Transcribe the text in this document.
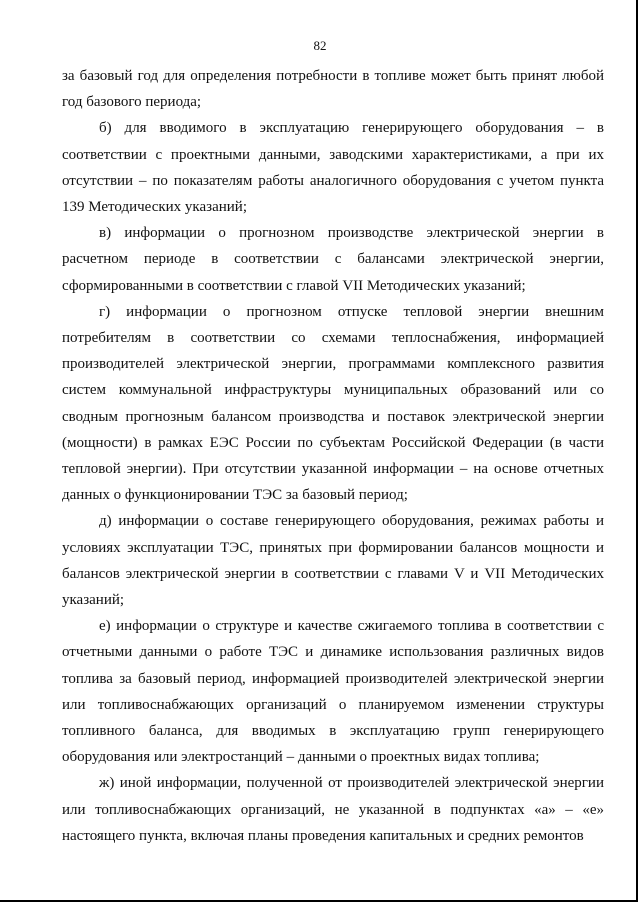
82

за базовый год для определения потребности в топливе может быть принят любой год базового периода;

б) для вводимого в эксплуатацию генерирующего оборудования – в соответствии с проектными данными, заводскими характеристиками, а при их отсутствии – по показателям работы аналогичного оборудования с учетом пункта 139 Методических указаний;

в) информации о прогнозном производстве электрической энергии в расчетном периоде в соответствии с балансами электрической энергии, сформированными в соответствии с главой VII Методических указаний;

г) информации о прогнозном отпуске тепловой энергии внешним потребителям в соответствии со схемами теплоснабжения, информацией производителей электрической энергии, программами комплексного развития систем коммунальной инфраструктуры муниципальных образований или со сводным прогнозным балансом производства и поставок электрической энергии (мощности) в рамках ЕЭС России по субъектам Российской Федерации (в части тепловой энергии). При отсутствии указанной информации – на основе отчетных данных о функционировании ТЭС за базовый период;

д) информации о составе генерирующего оборудования, режимах работы и условиях эксплуатации ТЭС, принятых при формировании балансов мощности и балансов электрической энергии в соответствии с главами V и VII Методических указаний;

е) информации о структуре и качестве сжигаемого топлива в соответствии с отчетными данными о работе ТЭС и динамике использования различных видов топлива за базовый период, информацией производителей электрической энергии или топливоснабжающих организаций о планируемом изменении структуры топливного баланса, для вводимых в эксплуатацию групп генерирующего оборудования или электростанций – данными о проектных видах топлива;

ж) иной информации, полученной от производителей электрической энергии или топливоснабжающих организаций, не указанной в подпунктах «а» – «е» настоящего пункта, включая планы проведения капитальных и средних ремонтов
